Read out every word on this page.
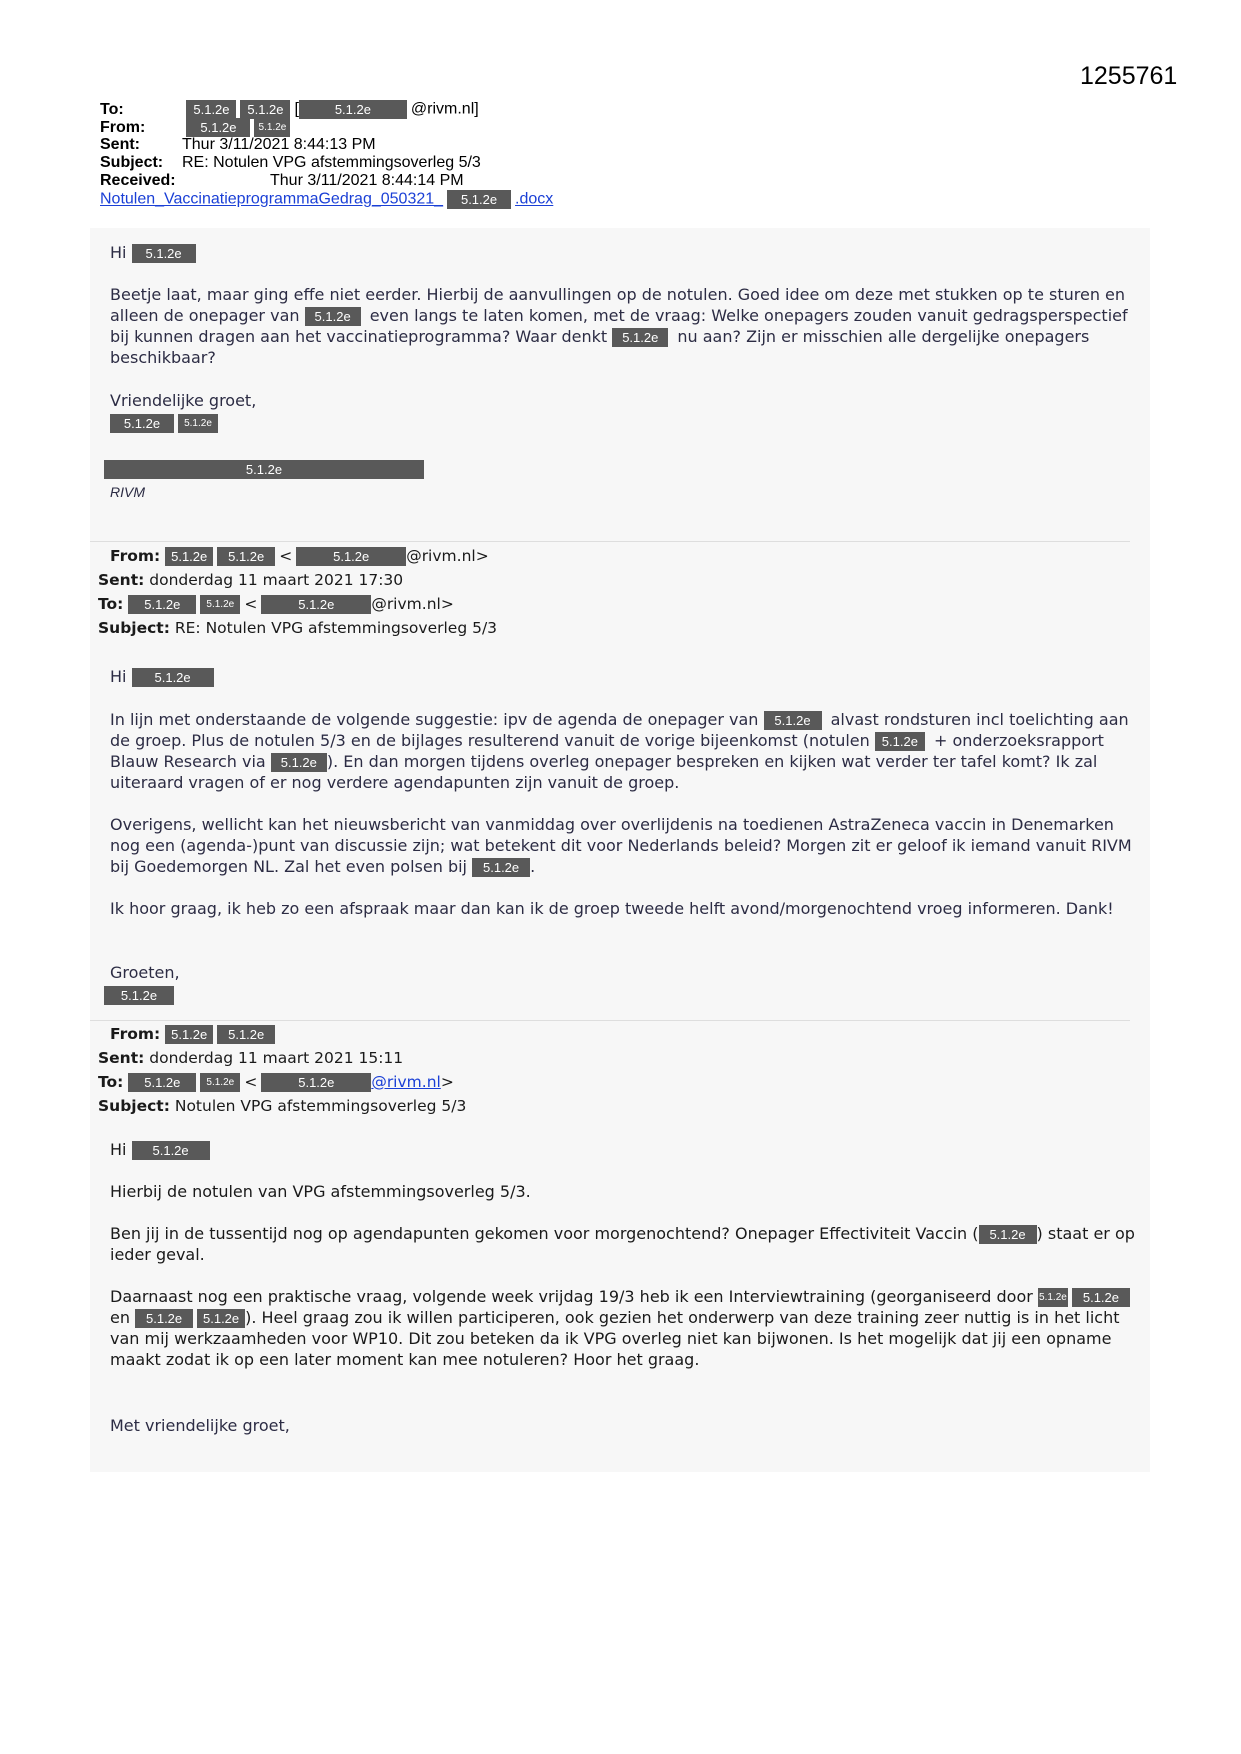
1255761
To:	5.1.2e 5.1.2e [	5.1.2e @rivm.nl]
From:	5.1.2e 5.1.2e
Sent:	Thur 3/11/2021 8:44:13 PM
Subject: RE: Notulen VPG afstemmingsoverleg 5/3
Received:	Thur 3/11/2021 8:44:14 PM
Notulen_VaccinatieprogrammaGedrag_050321_ 5.1.2e .docx
Hi 5.1.2e

Beetje laat, maar ging effe niet eerder. Hierbij de aanvullingen op de notulen. Goed idee om deze met stukken op te sturen en alleen de onepager van 5.1.2e even langs te laten komen, met de vraag: Welke onepagers zouden vanuit gedragsperspectief bij kunnen dragen aan het vaccinatieprogramma? Waar denkt 5.1.2e nu aan? Zijn er misschien alle dergelijke onepagers beschikbaar?

Vriendelijke groet,
5.1.2e 5.1.2e
5.1.2e
RIVM
From: 5.1.2e 5.1.2e <	5.1.2e @rivm.nl>
Sent: donderdag 11 maart 2021 17:30
To: 5.1.2e	5.1.2e <	5.1.2e @rivm.nl>
Subject: RE: Notulen VPG afstemmingsoverleg 5/3
Hi 5.1.2e

In lijn met onderstaande de volgende suggestie: ipv de agenda de onepager van 5.1.2e alvast rondsturen incl toelichting aan de groep. Plus de notulen 5/3 en de bijlages resulterend vanuit de vorige bijeenkomst (notulen 5.1.2e + onderzoeksrapport Blauw Research via 5.1.2e ). En dan morgen tijdens overleg onepager bespreken en kijken wat verder ter tafel komt? Ik zal uiteraard vragen of er nog verdere agendapunten zijn vanuit de groep.

Overigens, wellicht kan het nieuwsbericht van vanmiddag over overlijdenis na toedienen AstraZeneca vaccin in Denemarken nog een (agenda-)punt van discussie zijn; wat betekent dit voor Nederlands beleid? Morgen zit er geloof ik iemand vanuit RIVM bij Goedemorgen NL. Zal het even polsen bij 5.1.2e .

Ik hoor graag, ik heb zo een afspraak maar dan kan ik de groep tweede helft avond/morgenochtend vroeg informeren. Dank!
Groeten,
5.1.2e
From: 5.1.2e 5.1.2e
Sent: donderdag 11 maart 2021 15:11
To: 5.1.2e	5.1.2e <	5.1.2e @rivm.nl>
Subject: Notulen VPG afstemmingsoverleg 5/3
Hi 5.1.2e
Hierbij de notulen van VPG afstemmingsoverleg 5/3.

Ben jij in de tussentijd nog op agendapunten gekomen voor morgenochtend? Onepager Effectiviteit Vaccin ( 5.1.2e ) staat er op ieder geval.

Daarnaast nog een praktische vraag, volgende week vrijdag 19/3 heb ik een Interviewtraining (georganiseerd door 5.1.2e 5.1.2e en 5.1.2e 5.1.2e ). Heel graag zou ik willen participeren, ook gezien het onderwerp van deze training zeer nuttig is in het licht van mij werkzaamheden voor WP10. Dit zou beteken da ik VPG overleg niet kan bijwonen. Is het mogelijk dat jij een opname maakt zodat ik op een later moment kan mee notuleren? Hoor het graag.

Met vriendelijke groet,
